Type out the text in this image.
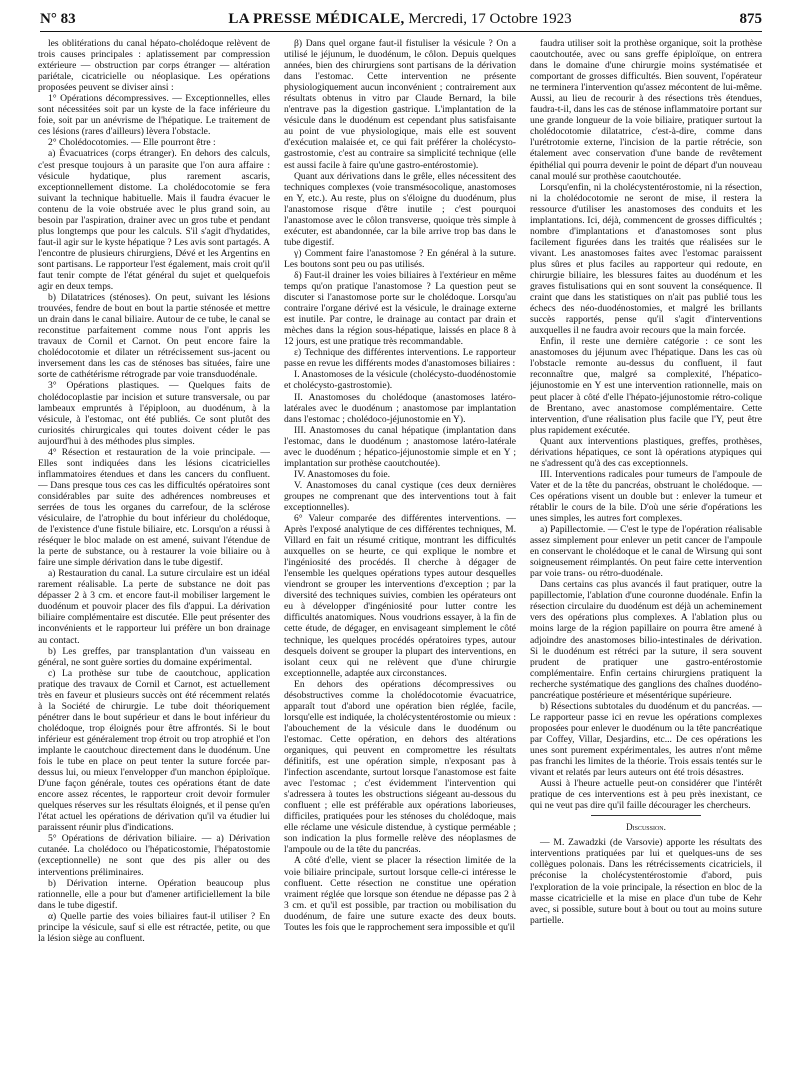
N° 83	LA PRESSE MÉDICALE, Mercredi, 17 Octobre 1923	875

les oblitérations du canal hépato-cholédoque relèvent de trois causes principales : aplatissement par compression extérieure — obstruction par corps étranger — altération pariétale, cicatricielle ou néoplasique. Les opérations proposées peuvent se diviser ainsi :

1° Opérations décompressives. — Exceptionnelles, elles sont nécessitées soit par un kyste de la face inférieure du foie, soit par un anévrisme de l'hépatique. Le traitement de ces lésions (rares d'ailleurs) lèvera l'obstacle.

2° Cholédocotomies. — Elle pourront être :

a) Évacuatrices (corps étranger). En dehors des calculs, c'est presque toujours à un parasite que l'on aura affaire : vésicule hydatique, plus rarement ascaris, exceptionnellement distome. La cholédocotomie se fera suivant la technique habituelle. Mais il faudra évacuer le contenu de la voie obstruée avec le plus grand soin, au besoin par l'aspiration, drainer avec un gros tube et pendant plus longtemps que pour les calculs. S'il s'agit d'hydatides, faut-il agir sur le kyste hépatique ? Les avis sont partagés. A l'encontre de plusieurs chirurgiens, Dévé et les Argentins en sont partisans. Le rapporteur l'est également, mais croit qu'il faut tenir compte de l'état général du sujet et quelquefois agir en deux temps.

b) Dilatatrices (sténoses). On peut, suivant les lésions trouvées, fendre de bout en bout la partie sténosée et mettre un drain dans le canal biliaire. Autour de ce tube, le canal se reconstitue parfaitement comme nous l'ont appris les travaux de Cornil et Carnot. On peut encore faire la cholédocotomie et dilater un rétrécissement sus-jacent ou inversement dans les cas de sténoses bas situées, faire une sorte de cathétérisme rétrograde par voie transduodénale.

3° Opérations plastiques. — Quelques faits de cholédocoplastie par incision et suture transversale, ou par lambeaux empruntés à l'épiploon, au duodénum, à la vésicule, à l'estomac, ont été publiés. Ce sont plutôt des curiosités chirurgicales qui toutes doivent céder le pas aujourd'hui à des méthodes plus simples.

4° Résection et restauration de la voie principale. — Elles sont indiquées dans les lésions cicatricielles inflammatoires étendues et dans les cancers du confluent. — Dans presque tous ces cas les difficultés opératoires sont considérables par suite des adhérences nombreuses et serrées de tous les organes du carrefour, de la sclérose vésiculaire, de l'atrophie du bout inférieur du cholédoque, de l'existence d'une fistule biliaire, etc. Lorsqu'on a réussi à réséquer le bloc malade on est amené, suivant l'étendue de la perte de substance, ou à restaurer la voie biliaire ou à faire une simple dérivation dans le tube digestif.

a) Restauration du canal. La suture circulaire est un idéal rarement réalisable. La perte de substance ne doit pas dépasser 2 à 3 cm. et encore faut-il mobiliser largement le duodénum et pouvoir placer des fils d'appui. La dérivation biliaire complémentaire est discutée. Elle peut présenter des inconvénients et le rapporteur lui préfère un bon drainage au contact.

b) Les greffes, par transplantation d'un vaisseau en général, ne sont guère sorties du domaine expérimental.

c) La prothèse sur tube de caoutchouc, application pratique des travaux de Cornil et Carnot, est actuellement très en faveur et plusieurs succès ont été récemment relatés à la Société de chirurgie. Le tube doit théoriquement pénétrer dans le bout supérieur et dans le bout inférieur du cholédoque, trop éloignés pour être affrontés. Si le bout inférieur est généralement trop étroit ou trop atrophié et l'on implante le caoutchouc directement dans le duodénum. Une fois le tube en place on peut tenter la suture forcée par-dessus lui, ou mieux l'envelopper d'un manchon épiploïque. D'une façon générale, toutes ces opérations étant de date encore assez récentes, le rapporteur croit devoir formuler quelques réserves sur les résultats éloignés, et il pense qu'en l'état actuel les opérations de dérivation qu'il va étudier lui paraissent réunir plus d'indications.

5° Opérations de dérivation biliaire. — a) Dérivation cutanée. La cholédoco ou l'hépaticostomie, l'hépatostomie (exceptionnelle) ne sont que des pis aller ou des interventions préliminaires.

b) Dérivation interne. Opération beaucoup plus rationnelle, elle a pour but d'amener artificiellement la bile dans le tube digestif.

α) Quelle partie des voies biliaires faut-il utiliser ? En principe la vésicule, sauf si elle est rétractée, petite, ou que la lésion siège au confluent.

β) Dans quel organe faut-il fistuliser la vésicule ? On a utilisé le jéjunum, le duodénum, le côlon. Depuis quelques années, bien des chirurgiens sont partisans de la dérivation dans l'estomac. Cette intervention ne présente physiologiquement aucun inconvénient ; contrairement aux résultats obtenus in vitro par Claude Bernard, la bile n'entrave pas la digestion gastrique. L'implantation de la vésicule dans le duodénum est cependant plus satisfaisante au point de vue physiologique, mais elle est souvent d'exécution malaisée et, ce qui fait préférer la cholécysto-gastrostomie, c'est au contraire sa simplicité technique (elle est aussi facile à faire qu'une gastro-entérostomie).

Quant aux dérivations dans le grêle, elles nécessitent des techniques complexes (voie transmésocolique, anastomoses en Y, etc.). Au reste, plus on s'éloigne du duodénum, plus l'anastomose risque d'être inutile ; c'est pourquoi l'anastomose avec le côlon transverse, quoique très simple à exécuter, est abandonnée, car la bile arrive trop bas dans le tube digestif.

γ) Comment faire l'anastomose ? En général à la suture. Les boutons sont peu ou pas utilisés.

δ) Faut-il drainer les voies biliaires à l'extérieur en même temps qu'on pratique l'anastomose ? La question peut se discuter si l'anastomose porte sur le cholédoque. Lorsqu'au contraire l'organe dérivé est la vésicule, le drainage externe est inutile. Par contre, le drainage au contact par drain et mèches dans la région sous-hépatique, laissés en place 8 à 12 jours, est une pratique très recommandable.

ε) Technique des différentes interventions. Le rapporteur passe en revue les différents modes d'anastomoses biliaires :

I. Anastomoses de la vésicule (cholécysto-duodénostomie et cholécysto-gastrostomie).

II. Anastomoses du cholédoque (anastomoses latéro-latérales avec le duodénum ; anastomose par implantation dans l'estomac ; cholédoco-jéjunostomie en Y).

III. Anastomoses du canal hépatique (implantation dans l'estomac, dans le duodénum ; anastomose latéro-latérale avec le duodénum ; hépatico-jéjunostomie simple et en Y ; implantation sur prothèse caoutchoutée).

IV. Anastomoses du foie.

V. Anastomoses du canal cystique (ces deux dernières groupes ne comprenant que des interventions tout à fait exceptionnelles).

6° Valeur comparée des différentes interventions. — Après l'exposé analytique de ces différentes techniques, M. Villard en fait un résumé critique, montrant les difficultés auxquelles on se heurte, ce qui explique le nombre et l'ingéniosité des procédés. Il cherche à dégager de l'ensemble les quelques opérations types autour desquelles viendront se grouper les interventions d'exception ; par la diversité des techniques suivies, combien les opérateurs ont eu à développer d'ingéniosité pour lutter contre les difficultés anatomiques. Nous voudrions essayer, à la fin de cette étude, de dégager, en envisageant simplement le côté technique, les quelques procédés opératoires types, autour desquels doivent se grouper la plupart des interventions, en isolant ceux qui ne relèvent que d'une chirurgie exceptionnelle, adaptée aux circonstances.

En dehors des opérations décompressives ou désobstructives comme la cholédocotomie évacuatrice, apparaît tout d'abord une opération bien réglée, facile, lorsqu'elle est indiquée, la cholécystentérostomie ou mieux : l'abouchement de la vésicule dans le duodénum ou l'estomac. Cette opération, en dehors des altérations organiques, qui peuvent en compromettre les résultats définitifs, est une opération simple, n'exposant pas à l'infection ascendante, surtout lorsque l'anastomose est faite avec l'estomac ; c'est évidemment l'intervention qui s'adressera à toutes les obstructions siégeant au-dessous du confluent ; elle est préférable aux opérations laborieuses, difficiles, pratiquées pour les sténoses du cholédoque, mais elle réclame une vésicule distendue, à cystique perméable ; son indication la plus formelle relève des néoplasmes de l'ampoule ou de la tête du pancréas.

A côté d'elle, vient se placer la résection limitée de la voie biliaire principale, surtout lorsque celle-ci intéresse le confluent. Cette résection ne constitue une opération vraiment réglée que lorsque son étendue ne dépasse pas 2 à 3 cm. et qu'il est possible, par traction ou mobilisation du duodénum, de faire une suture exacte des deux bouts. Toutes les fois que le rapprochement sera impossible et qu'il

faudra utiliser soit la prothèse organique, soit la prothèse caoutchoutée, avec ou sans greffe épiploïque, on entrera dans le domaine d'une chirurgie moins systématisée et comportant de grosses difficultés. Bien souvent, l'opérateur ne terminera l'intervention qu'assez mécontent de lui-même. Aussi, au lieu de recourir à des résections très étendues, faudra-t-il, dans les cas de sténose inflammatoire portant sur une grande longueur de la voie biliaire, pratiquer surtout la cholédocotomie dilatatrice, c'est-à-dire, comme dans l'urétrotomie externe, l'incision de la partie rétrécie, son étalement avec conservation d'une bande de revêtement épithélial qui pourra devenir le point de départ d'un nouveau canal moulé sur prothèse caoutchoutée.

Lorsqu'enfin, ni la cholécystentérostomie, ni la résection, ni la cholédocotomie ne seront de mise, il restera la ressource d'utiliser les anastomoses des conduits et les implantations. Ici, déjà, commencent de grosses difficultés ; nombre d'implantations et d'anastomoses sont plus facilement figurées dans les traités que réalisées sur le vivant. Les anastomoses faites avec l'estomac paraissent plus sûres et plus faciles au rapporteur qui redoute, en chirurgie biliaire, les blessures faites au duodénum et les graves fistulisations qui en sont souvent la conséquence. Il craint que dans les statistiques on n'ait pas publié tous les échecs des néo-duodénostomies, et malgré les brillants succès rapportés, pense qu'il s'agit d'interventions auxquelles il ne faudra avoir recours que la main forcée.

Enfin, il reste une dernière catégorie : ce sont les anastomoses du jéjunum avec l'hépatique. Dans les cas où l'obstacle remonte au-dessus du confluent, il faut reconnaître que, malgré sa complexité, l'hépatico-jéjunostomie en Y est une intervention rationnelle, mais on peut placer à côté d'elle l'hépato-jéjunostomie rétro-colique de Brentano, avec anastomose complémentaire. Cette intervention, d'une réalisation plus facile que l'Y, peut être plus rapidement exécutée.

Quant aux interventions plastiques, greffes, prothèses, dérivations hépatiques, ce sont là opérations atypiques qui ne s'adressent qu'à des cas exceptionnels.

III. Interventions radicales pour tumeurs de l'ampoule de Vater et de la tête du pancréas, obstruant le cholédoque. — Ces opérations visent un double but : enlever la tumeur et rétablir le cours de la bile. D'où une série d'opérations les unes simples, les autres fort complexes.

a) Papillectomie. — C'est le type de l'opération réalisable assez simplement pour enlever un petit cancer de l'ampoule en conservant le cholédoque et le canal de Wirsung qui sont soigneusement réimplantés. On peut faire cette intervention par voie trans- ou rétro-duodénale.

Dans certains cas plus avancés il faut pratiquer, outre la papillectomie, l'ablation d'une couronne duodénale. Enfin la résection circulaire du duodénum est déjà un acheminement vers des opérations plus complexes. A l'ablation plus ou moins large de la région papillaire on pourra être amené à adjoindre des anastomoses bilio-intestinales de dérivation. Si le duodénum est rétréci par la suture, il sera souvent prudent de pratiquer une gastro-entérostomie complémentaire. Enfin certains chirurgiens pratiquent la recherche systématique des ganglions des chaînes duodéno-pancréatique postérieure et mésentérique supérieure.

b) Résections subtotales du duodénum et du pancréas. — Le rapporteur passe ici en revue les opérations complexes proposées pour enlever le duodénum ou la tête pancréatique par Coffey, Villar, Desjardins, etc... De ces opérations les unes sont purement expérimentales, les autres n'ont même pas franchi les limites de la théorie. Trois essais tentés sur le vivant et relatés par leurs auteurs ont été trois désastres.

Aussi à l'heure actuelle peut-on considérer que l'intérêt pratique de ces interventions est à peu près inexistant, ce qui ne veut pas dire qu'il faille décourager les chercheurs.

Discussion.

— M. Zawadzki (de Varsovie) apporte les résultats des interventions pratiquées par lui et quelques-uns de ses collègues polonais. Dans les rétrécissements cicatriciels, il préconise la cholécystentérostomie d'abord, puis l'exploration de la voie principale, la résection en bloc de la masse cicatricielle et la mise en place d'un tube de Kehr avec, si possible, suture bout à bout ou tout au moins suture partielle.
